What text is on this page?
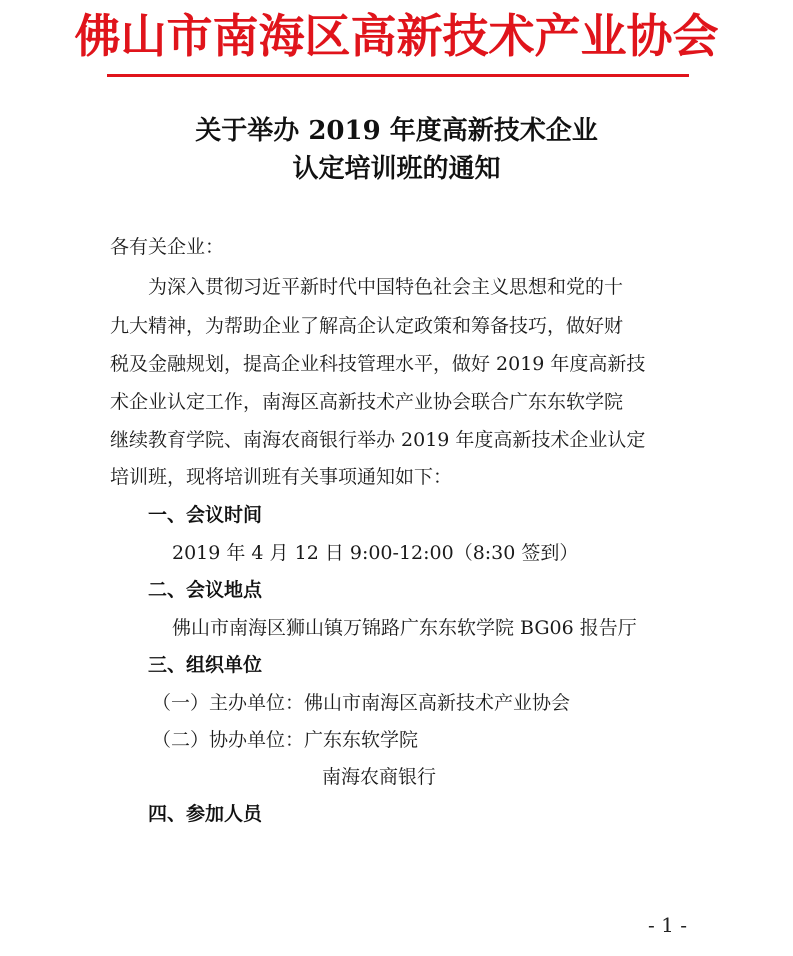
佛山市南海区高新技术产业协会
关于举办 2019 年度高新技术企业
认定培训班的通知
各有关企业：
为深入贯彻习近平新时代中国特色社会主义思想和党的十
九大精神，为帮助企业了解高企认定政策和筹备技巧，做好财
税及金融规划，提高企业科技管理水平，做好 2019 年度高新技
术企业认定工作，南海区高新技术产业协会联合广东东软学院
继续教育学院、南海农商银行举办 2019 年度高新技术企业认定
培训班，现将培训班有关事项通知如下：
一、会议时间
2019 年 4 月 12 日 9:00-12:00（8:30 签到）
二、会议地点
佛山市南海区狮山镇万锦路广东东软学院 BG06 报告厅
三、组织单位
（一）主办单位：佛山市南海区高新技术产业协会
（二）协办单位：广东东软学院
南海农商银行
四、参加人员
- 1 -
